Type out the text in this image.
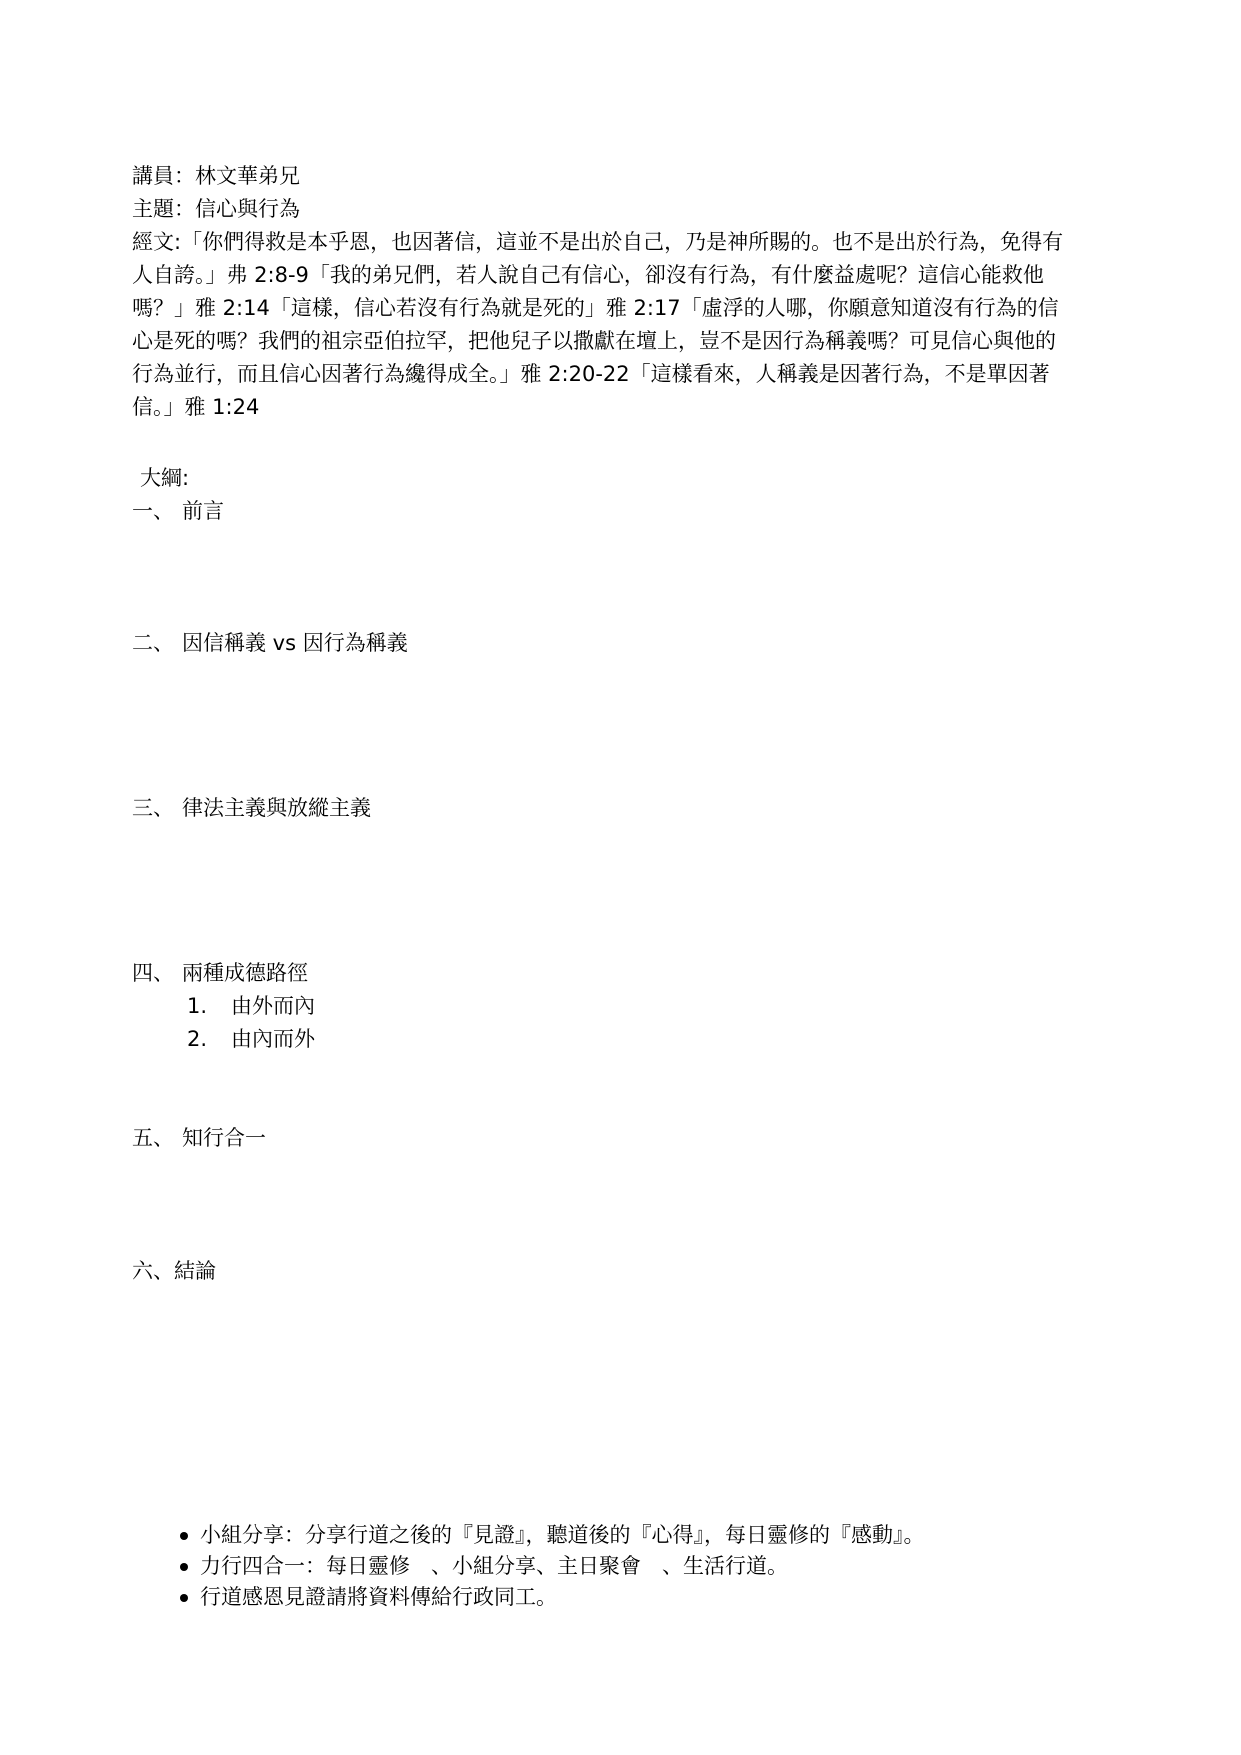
講員：林文華弟兄
主題：信心與行為
經文:「你們得救是本乎恩，也因著信，這並不是出於自己，乃是神所賜的。也不是出於行為，免得有人自誇。」弗 2:8-9「我的弟兄們，若人說自己有信心，卻沒有行為，有什麼益處呢？這信心能救他嗎？」雅 2:14「這樣，信心若沒有行為就是死的」雅 2:17「虛浮的人哪，你願意知道沒有行為的信心是死的嗎？我們的祖宗亞伯拉罕，把他兒子以撒獻在壇上，豈不是因行為稱義嗎？可見信心與他的行為並行，而且信心因著行為纔得成全。」雅 2:20-22「這樣看來，人稱義是因著行為，不是單因著信。」雅 1:24
大綱:
一、 前言
二、 因信稱義 vs 因行為稱義
三、 律法主義與放縱主義
四、 兩種成德路徑
1. 由外而內
2. 由內而外
五、 知行合一
六、結論
小組分享：分享行道之後的『見證』，聽道後的『心得』，每日靈修的『感動』。
力行四合一：每日靈修　、小組分享、主日聚會　、生活行道。
行道感恩見證請將資料傳給行政同工。
